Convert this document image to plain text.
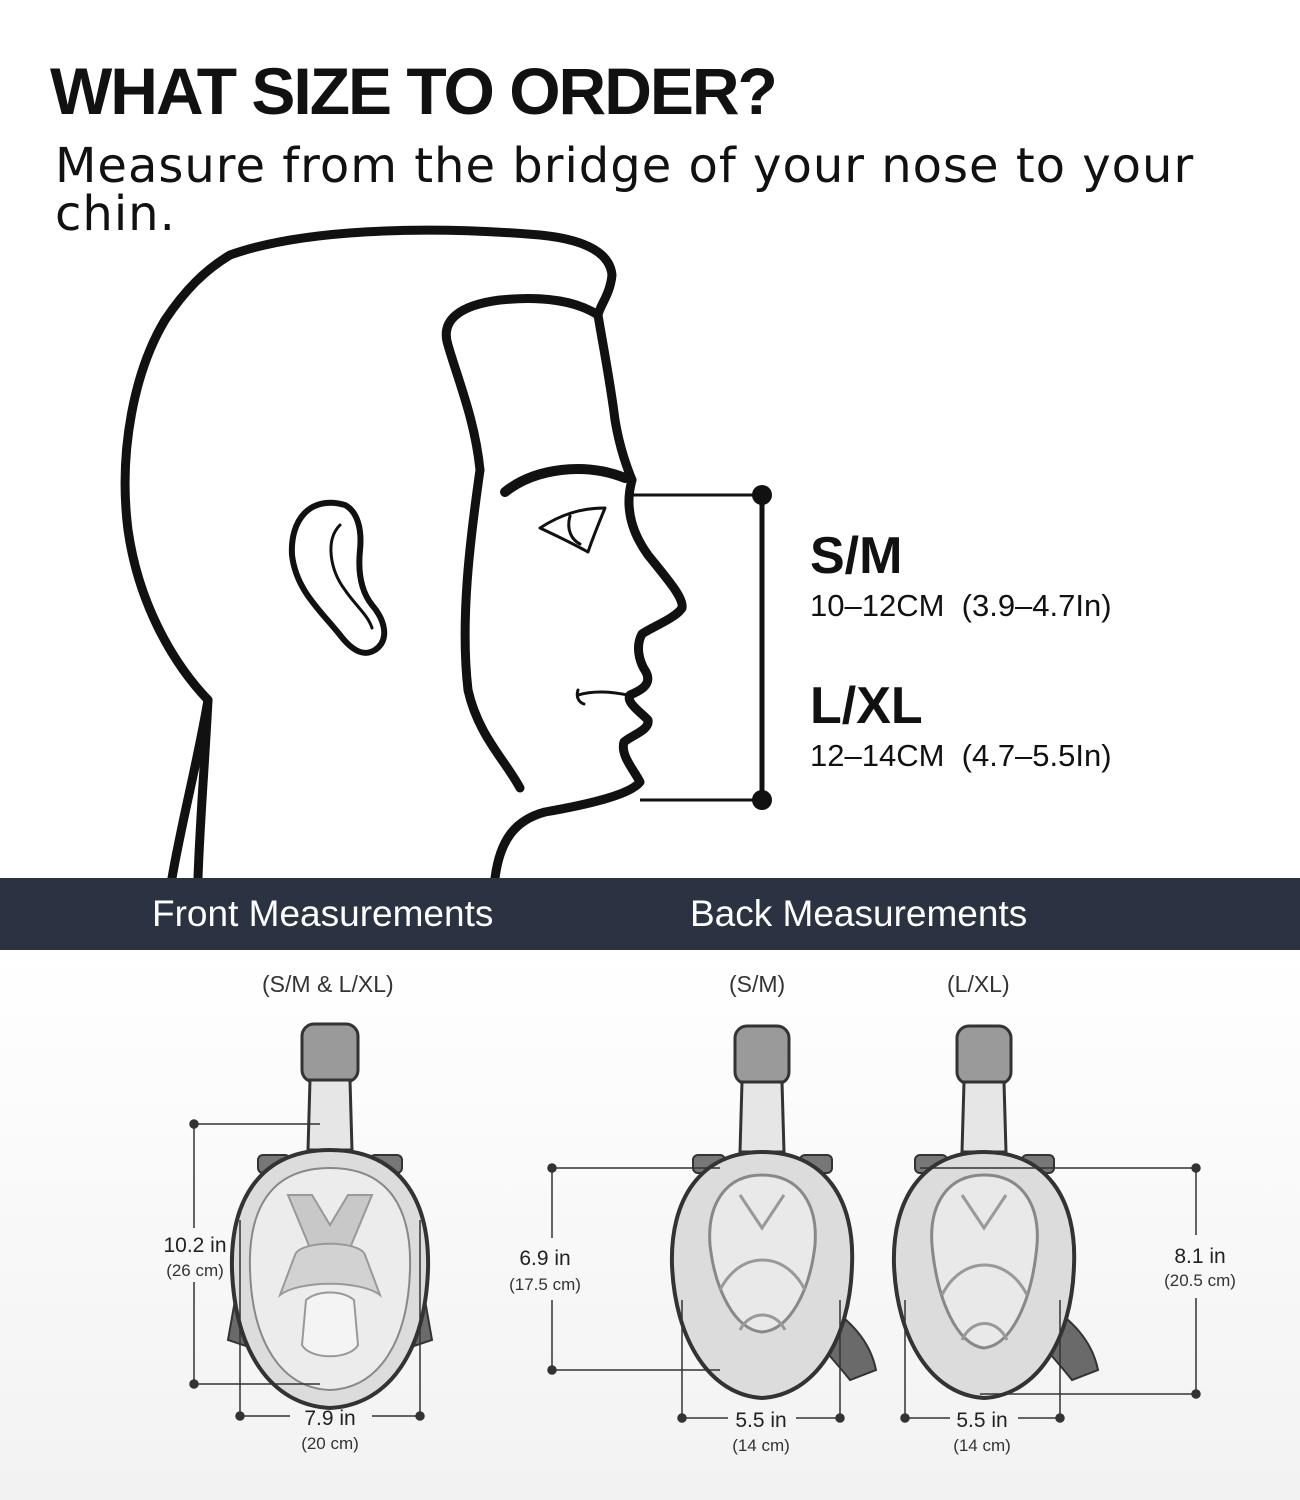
WHAT SIZE TO ORDER?
Measure from the bridge of your nose to your chin.
S/M
10–12CM  (3.9–4.7In)
L/XL
12–14CM  (4.7–5.5In)
Front Measurements	Back Measurements
(S/M & L/XL)	(S/M)	(L/XL)
10.2 in
(26 cm)
7.9 in
(20 cm)
6.9 in
(17.5 cm)
5.5 in
(14 cm)
8.1 in
(20.5 cm)
5.5 in
(14 cm)
